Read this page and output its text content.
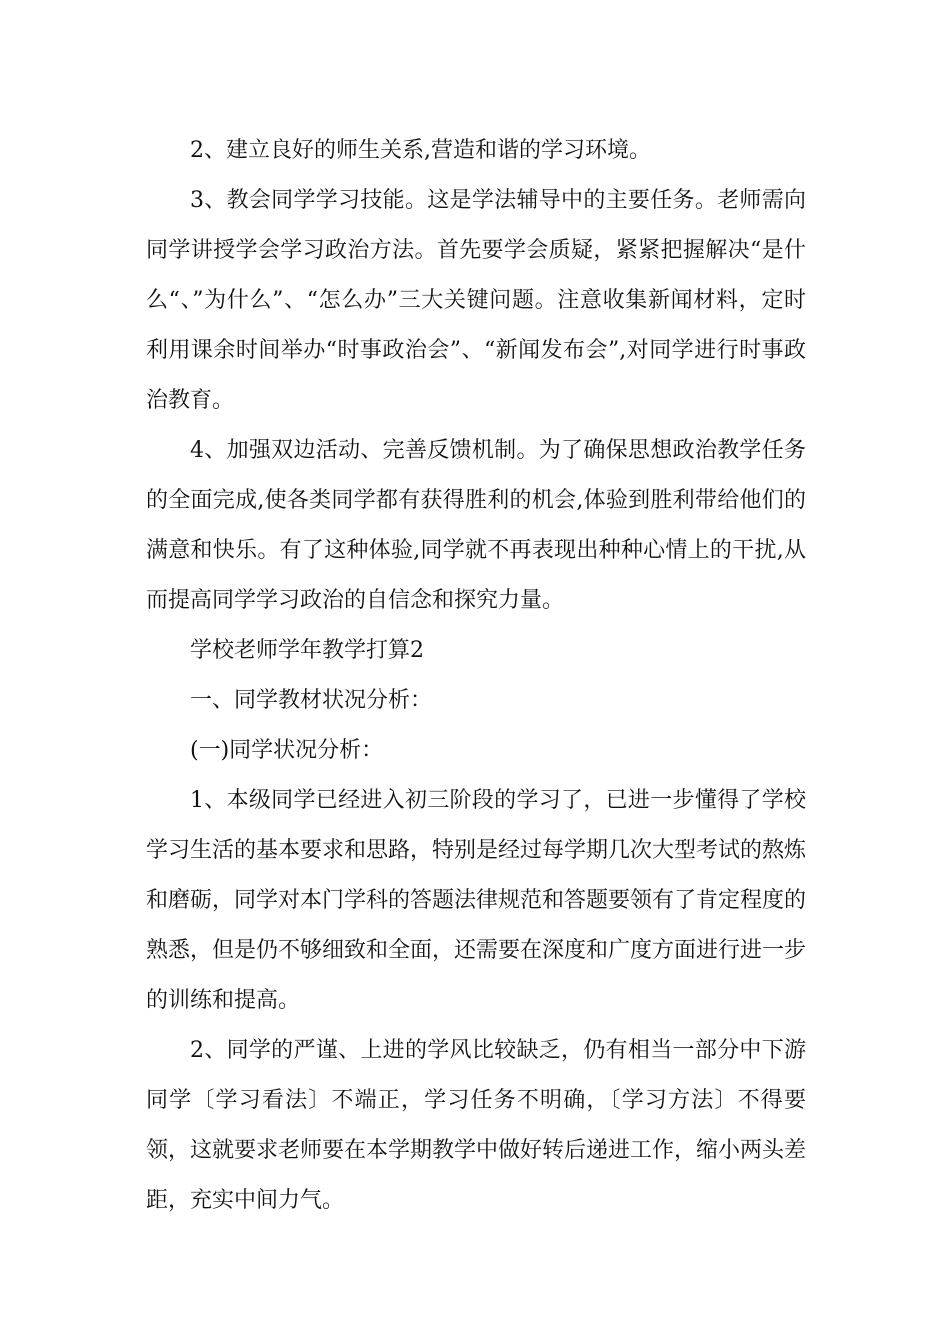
2、建立良好的师生关系,营造和谐的学习环境。

3、教会同学学习技能。这是学法辅导中的主要任务。老师需向同学讲授学会学习政治方法。首先要学会质疑，紧紧把握解决“是什么“、”为什么”、“怎么办”三大关键问题。注意收集新闻材料，定时利用课余时间举办“时事政治会”、“新闻发布会”,对同学进行时事政治教育。

4、加强双边活动、完善反馈机制。为了确保思想政治教学任务的全面完成,使各类同学都有获得胜利的机会,体验到胜利带给他们的满意和快乐。有了这种体验,同学就不再表现出种种心情上的干扰,从而提高同学学习政治的自信念和探究力量。

学校老师学年教学打算2

一、同学教材状况分析：

(一)同学状况分析：

1、本级同学已经进入初三阶段的学习了，已进一步懂得了学校学习生活的基本要求和思路，特别是经过每学期几次大型考试的熬炼和磨砺，同学对本门学科的答题法律规范和答题要领有了肯定程度的熟悉，但是仍不够细致和全面，还需要在深度和广度方面进行进一步的训练和提高。

2、同学的严谨、上进的学风比较缺乏，仍有相当一部分中下游同学〔学习看法〕不端正，学习任务不明确，〔学习方法〕不得要领，这就要求老师要在本学期教学中做好转后递进工作，缩小两头差距，充实中间力气。
